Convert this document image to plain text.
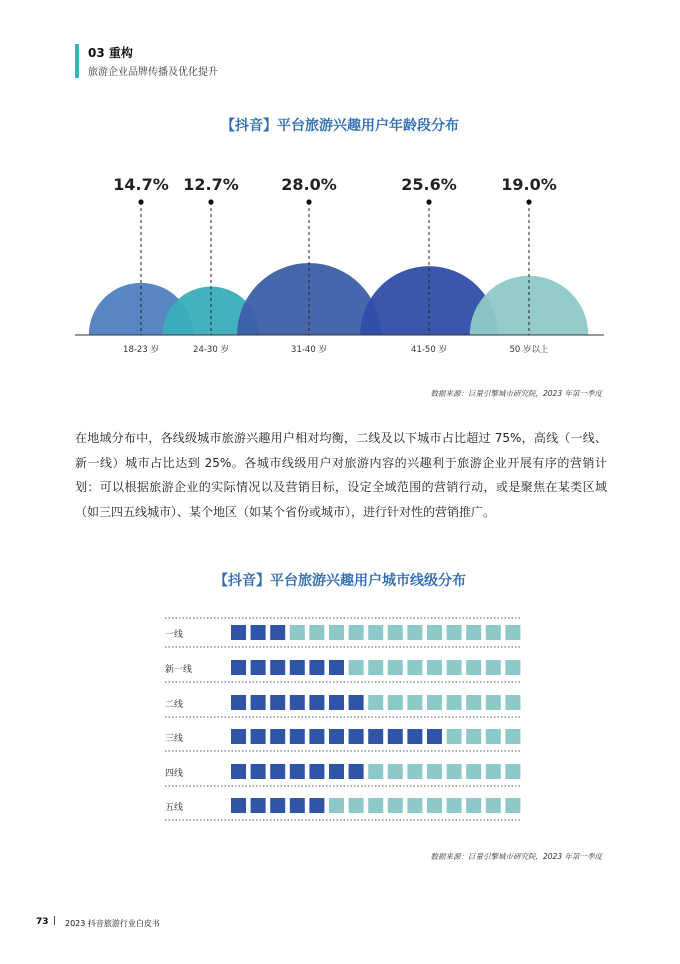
03 重构
旅游企业品牌传播及优化提升
【抖音】平台旅游兴趣用户年龄段分布
14.7%
18-23 岁
12.7%
24-30 岁
28.0%
31-40 岁
25.6%
41-50 岁
19.0%
50 岁以上
数据来源：巨量引擎城市研究院，2023 年第一季度
在地域分布中，各线级城市旅游兴趣用户相对均衡，二线及以下城市占比超过 75%，高线（一线、新一线）城市占比达到 25%。各城市线级用户对旅游内容的兴趣利于旅游企业开展有序的营销计划：可以根据旅游企业的实际情况以及营销目标，设定全域范围的营销行动，或是聚焦在某类区域（如三四五线城市）、某个地区（如某个省份或城市），进行针对性的营销推广。
【抖音】平台旅游兴趣用户城市线级分布
一线
新一线
二线
三线
四线
五线
数据来源：巨量引擎城市研究院，2023 年第一季度
73 | 2023 抖音旅游行业白皮书
